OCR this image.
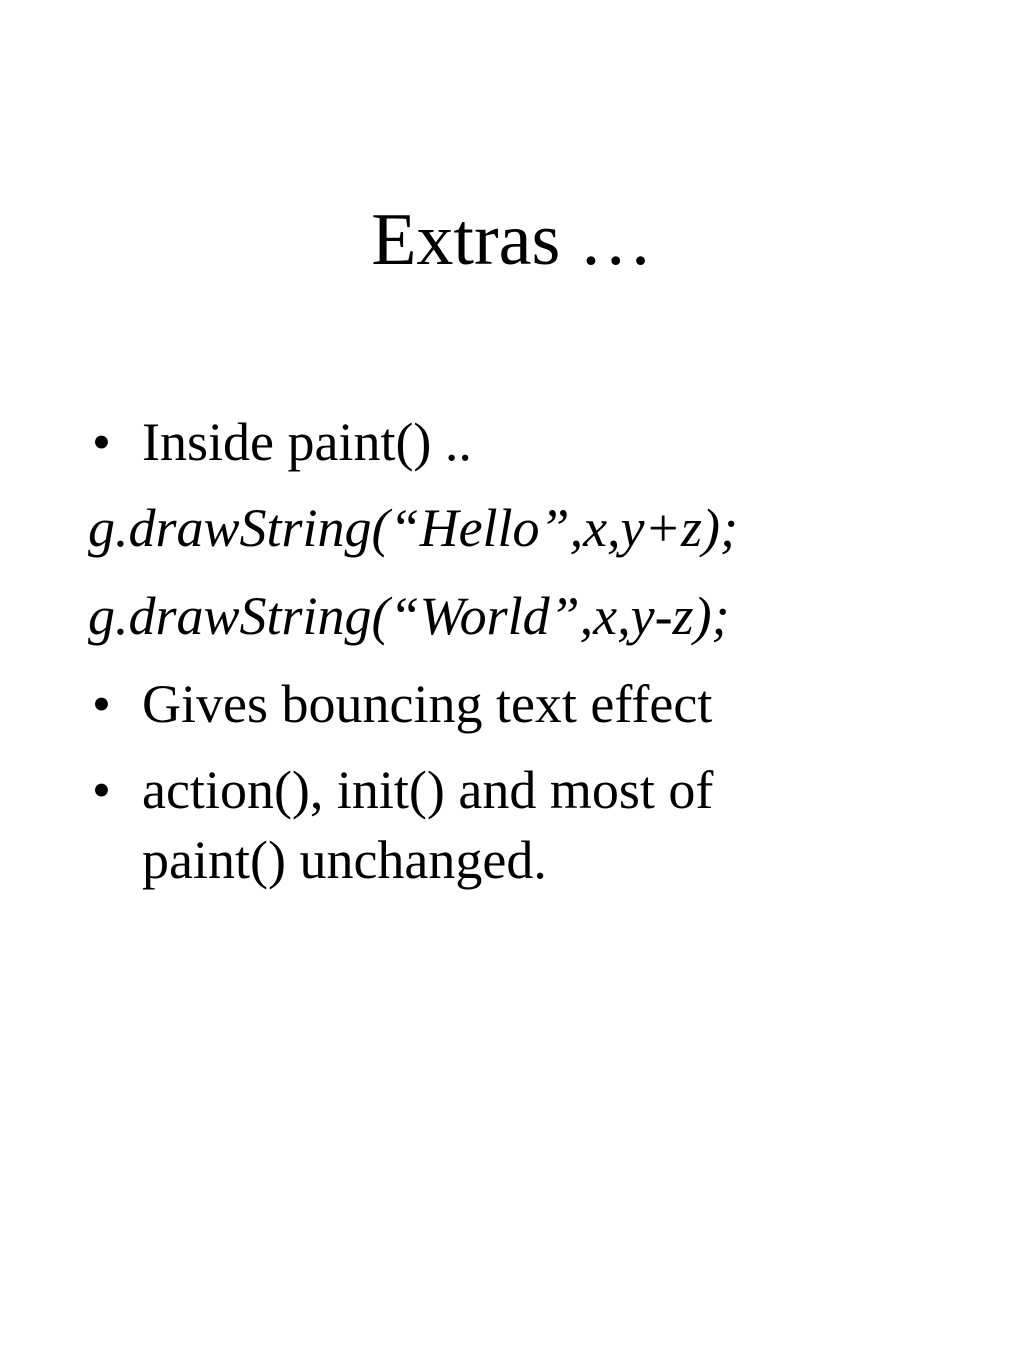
Extras …
• Inside paint() ..

g.drawString(“Hello”,x,y+z);

g.drawString(“World”,x,y-z);

• Gives bouncing text effect
• action(), init() and most of
paint() unchanged.
